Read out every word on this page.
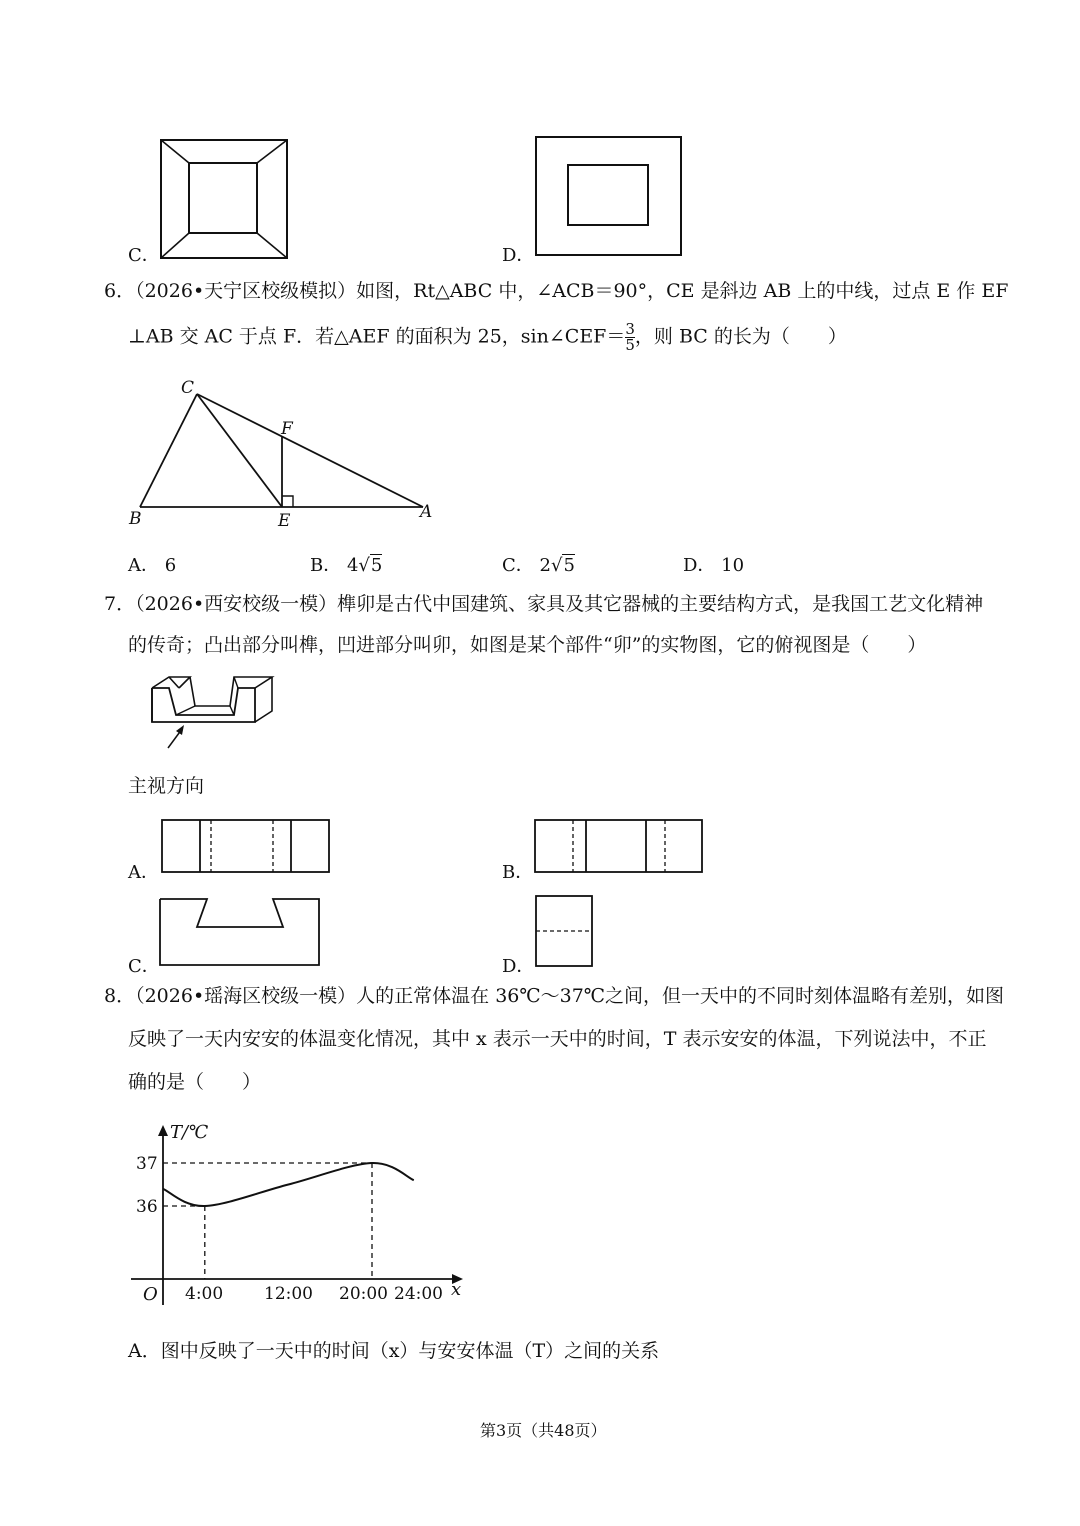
C．	D．
6．（2026•天宁区校级模拟）如图，Rt△ABC 中，∠ACB＝90°，CE 是斜边 AB 上的中线，过点 E 作 EF
⊥AB 交 AC 于点 F．若△AEF 的面积为 25，sin∠CEF＝ $\frac{3}{5}$ ，则 BC 的长为（　　）
C
F
B	E	A
A． 6	B． 4√5	C． 2√5	D． 10
7．（2026•西安校级一模）榫卯是古代中国建筑、家具及其它器械的主要结构方式，是我国工艺文化精神
的传奇；凸出部分叫榫，凹进部分叫卯，如图是某个部件“卯”的实物图，它的俯视图是（　　）
主视方向
A．	B．
C．	D．
8．（2026•瑶海区校级一模）人的正常体温在 36℃～37℃之间，但一天中的不同时刻体温略有差别，如图
反映了一天内安安的体温变化情况，其中 x 表示一天中的时间，T 表示安安的体温，下列说法中，不正
确的是（　　）
T/℃
x
O
37
36
4:00 12:00 20:00 24:00
A．图中反映了一天中的时间（x）与安安体温（T）之间的关系
第3页（共48页）
